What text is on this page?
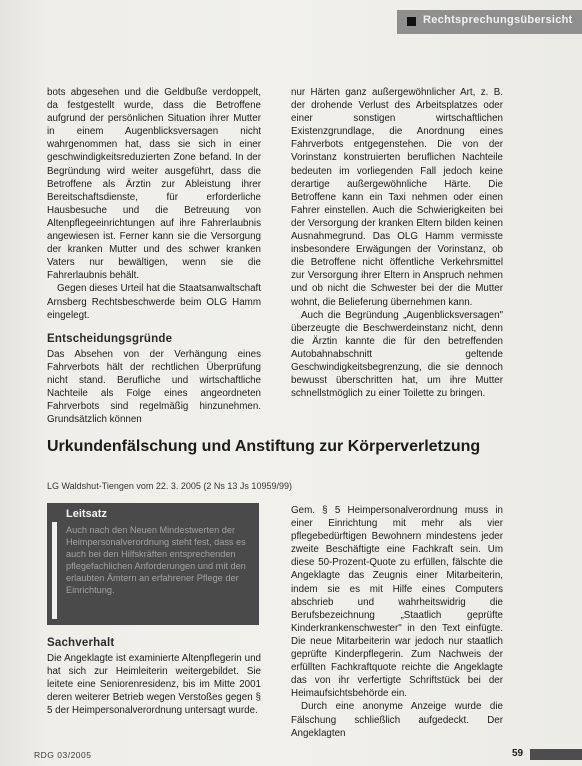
Rechtsprechungsübersicht

bots abgesehen und die Geldbuße verdoppelt, da festgestellt wurde, dass die Betroffene aufgrund der persönlichen Situation ihrer Mutter in einem Augenblicksversagen nicht wahrgenommen hat, dass sie sich in einer geschwindigkeitsreduzierten Zone befand. In der Begründung wird weiter ausgeführt, dass die Betroffene als Ärztin zur Ableistung ihrer Bereitschaftsdienste, für erforderliche Hausbesuche und die Betreuung von Altenpflegeeinrichtungen auf ihre Fahrerlaubnis angewiesen ist. Ferner kann sie die Versorgung der kranken Mutter und des schwer kranken Vaters nur bewältigen, wenn sie die Fahrerlaubnis behält.

Gegen dieses Urteil hat die Staatsanwaltschaft Arnsberg Rechtsbeschwerde beim OLG Hamm eingelegt.

Entscheidungsgründe

Das Absehen von der Verhängung eines Fahrverbots hält der rechtlichen Überprüfung nicht stand. Berufliche und wirtschaftliche Nachteile als Folge eines angeordneten Fahrverbots sind regelmäßig hinzunehmen. Grundsätzlich können

nur Härten ganz außergewöhnlicher Art, z. B. der drohende Verlust des Arbeitsplatzes oder einer sonstigen wirtschaftlichen Existenzgrundlage, die Anordnung eines Fahrverbots entgegenstehen. Die von der Vorinstanz konstruierten beruflichen Nachteile bedeuten im vorliegenden Fall jedoch keine derartige außergewöhnliche Härte. Die Betroffene kann ein Taxi nehmen oder einen Fahrer einstellen. Auch die Schwierigkeiten bei der Versorgung der kranken Eltern bilden keinen Ausnahmegrund. Das OLG Hamm vermisste insbesondere Erwägungen der Vorinstanz, ob die Betroffene nicht öffentliche Verkehrsmittel zur Versorgung ihrer Eltern in Anspruch nehmen und ob nicht die Schwester bei der die Mutter wohnt, die Belieferung übernehmen kann.

Auch die Begründung „Augenblicksversagen" überzeugte die Beschwerdeinstanz nicht, denn die Ärztin kannte die für den betreffenden Autobahnabschnitt geltende Geschwindigkeitsbegrenzung, die sie dennoch bewusst überschritten hat, um ihre Mutter schnellstmöglich zu einer Toilette zu bringen.

Urkundenfälschung und Anstiftung zur Körperverletzung
LG Waldshut-Tiengen vom 22. 3. 2005 (2 Ns 13 Js 10959/99)
Leitsatz

Auch nach den Neuen Mindestwerten der Heimpersonalverordnung steht fest, dass es auch bei den Hilfskräften entsprechenden pflegefachlichen Anforderungen und mit den erlaubten Ämtern an erfahrener Pflege der Einrichtung.

Sachverhalt

Die Angeklagte ist examinierte Altenpflegerin und hat sich zur Heimleiterin weitergebildet. Sie leitete eine Seniorenresidenz, bis im Mitte 2001 deren weiterer Betrieb wegen Verstoßes gegen § 5 der Heimpersonalverordnung untersagt wurde.

Gem. § 5 Heimpersonalverordnung muss in einer Einrichtung mit mehr als vier pflegebedürftigen Bewohnern mindestens jeder zweite Beschäftigte eine Fachkraft sein. Um diese 50-Prozent-Quote zu erfüllen, fälschte die Angeklagte das Zeugnis einer Mitarbeiterin, indem sie es mit Hilfe eines Computers abschrieb und wahrheitswidrig die Berufsbezeichnung „Staatlich geprüfte Kinderkrankenschwester" in den Text einfügte. Die neue Mitarbeiterin war jedoch nur staatlich geprüfte Kinderpflegerin. Zum Nachweis der erfüllten Fachkraftquote reichte die Angeklagte das von ihr verfertigte Schriftstück bei der Heimaufsichtsbehörde ein.

Durch eine anonyme Anzeige wurde die Fälschung schließlich aufgedeckt. Der Angeklagten

RDG 03/2005	59
